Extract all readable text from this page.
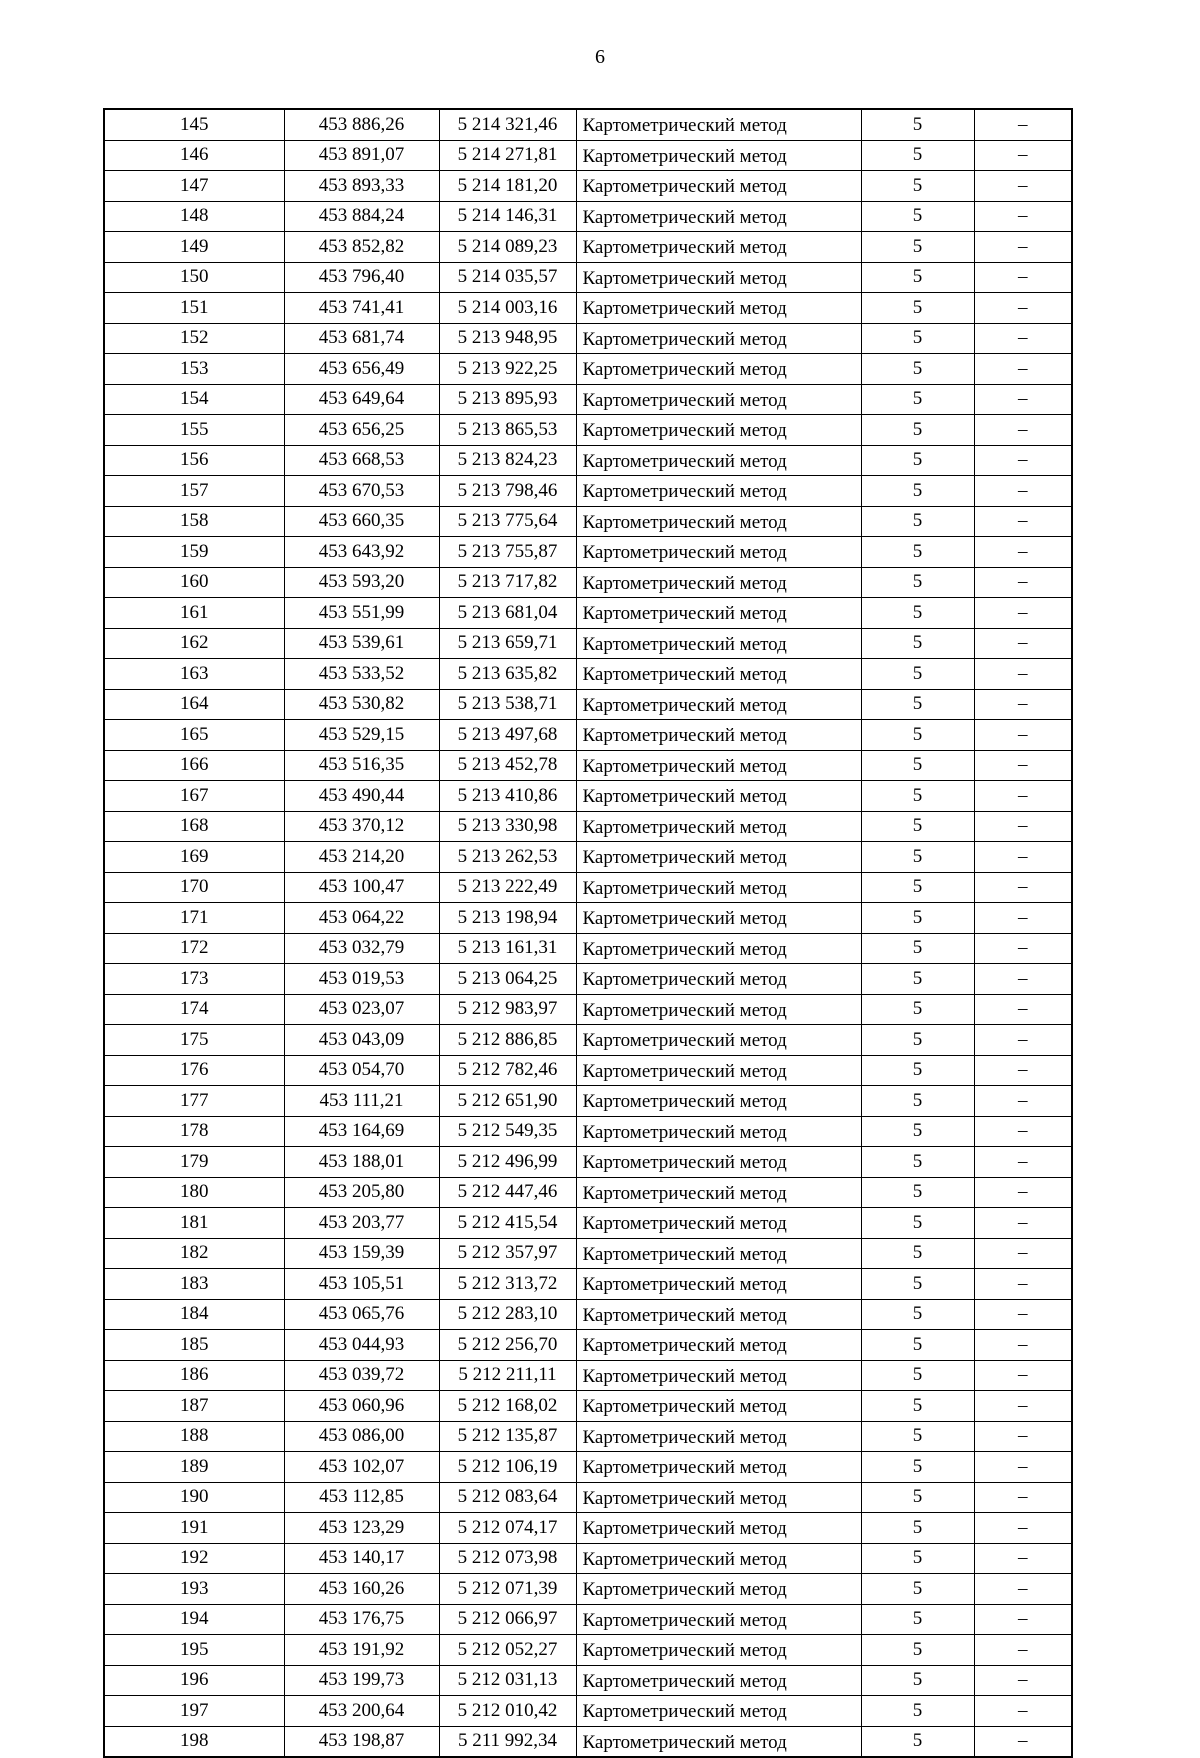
6
145	453 886,26	5 214 321,46	Картометрический метод	5	–
146	453 891,07	5 214 271,81	Картометрический метод	5	–
147	453 893,33	5 214 181,20	Картометрический метод	5	–
148	453 884,24	5 214 146,31	Картометрический метод	5	–
149	453 852,82	5 214 089,23	Картометрический метод	5	–
150	453 796,40	5 214 035,57	Картометрический метод	5	–
151	453 741,41	5 214 003,16	Картометрический метод	5	–
152	453 681,74	5 213 948,95	Картометрический метод	5	–
153	453 656,49	5 213 922,25	Картометрический метод	5	–
154	453 649,64	5 213 895,93	Картометрический метод	5	–
155	453 656,25	5 213 865,53	Картометрический метод	5	–
156	453 668,53	5 213 824,23	Картометрический метод	5	–
157	453 670,53	5 213 798,46	Картометрический метод	5	–
158	453 660,35	5 213 775,64	Картометрический метод	5	–
159	453 643,92	5 213 755,87	Картометрический метод	5	–
160	453 593,20	5 213 717,82	Картометрический метод	5	–
161	453 551,99	5 213 681,04	Картометрический метод	5	–
162	453 539,61	5 213 659,71	Картометрический метод	5	–
163	453 533,52	5 213 635,82	Картометрический метод	5	–
164	453 530,82	5 213 538,71	Картометрический метод	5	–
165	453 529,15	5 213 497,68	Картометрический метод	5	–
166	453 516,35	5 213 452,78	Картометрический метод	5	–
167	453 490,44	5 213 410,86	Картометрический метод	5	–
168	453 370,12	5 213 330,98	Картометрический метод	5	–
169	453 214,20	5 213 262,53	Картометрический метод	5	–
170	453 100,47	5 213 222,49	Картометрический метод	5	–
171	453 064,22	5 213 198,94	Картометрический метод	5	–
172	453 032,79	5 213 161,31	Картометрический метод	5	–
173	453 019,53	5 213 064,25	Картометрический метод	5	–
174	453 023,07	5 212 983,97	Картометрический метод	5	–
175	453 043,09	5 212 886,85	Картометрический метод	5	–
176	453 054,70	5 212 782,46	Картометрический метод	5	–
177	453 111,21	5 212 651,90	Картометрический метод	5	–
178	453 164,69	5 212 549,35	Картометрический метод	5	–
179	453 188,01	5 212 496,99	Картометрический метод	5	–
180	453 205,80	5 212 447,46	Картометрический метод	5	–
181	453 203,77	5 212 415,54	Картометрический метод	5	–
182	453 159,39	5 212 357,97	Картометрический метод	5	–
183	453 105,51	5 212 313,72	Картометрический метод	5	–
184	453 065,76	5 212 283,10	Картометрический метод	5	–
185	453 044,93	5 212 256,70	Картометрический метод	5	–
186	453 039,72	5 212 211,11	Картометрический метод	5	–
187	453 060,96	5 212 168,02	Картометрический метод	5	–
188	453 086,00	5 212 135,87	Картометрический метод	5	–
189	453 102,07	5 212 106,19	Картометрический метод	5	–
190	453 112,85	5 212 083,64	Картометрический метод	5	–
191	453 123,29	5 212 074,17	Картометрический метод	5	–
192	453 140,17	5 212 073,98	Картометрический метод	5	–
193	453 160,26	5 212 071,39	Картометрический метод	5	–
194	453 176,75	5 212 066,97	Картометрический метод	5	–
195	453 191,92	5 212 052,27	Картометрический метод	5	–
196	453 199,73	5 212 031,13	Картометрический метод	5	–
197	453 200,64	5 212 010,42	Картометрический метод	5	–
198	453 198,87	5 211 992,34	Картометрический метод	5	–
